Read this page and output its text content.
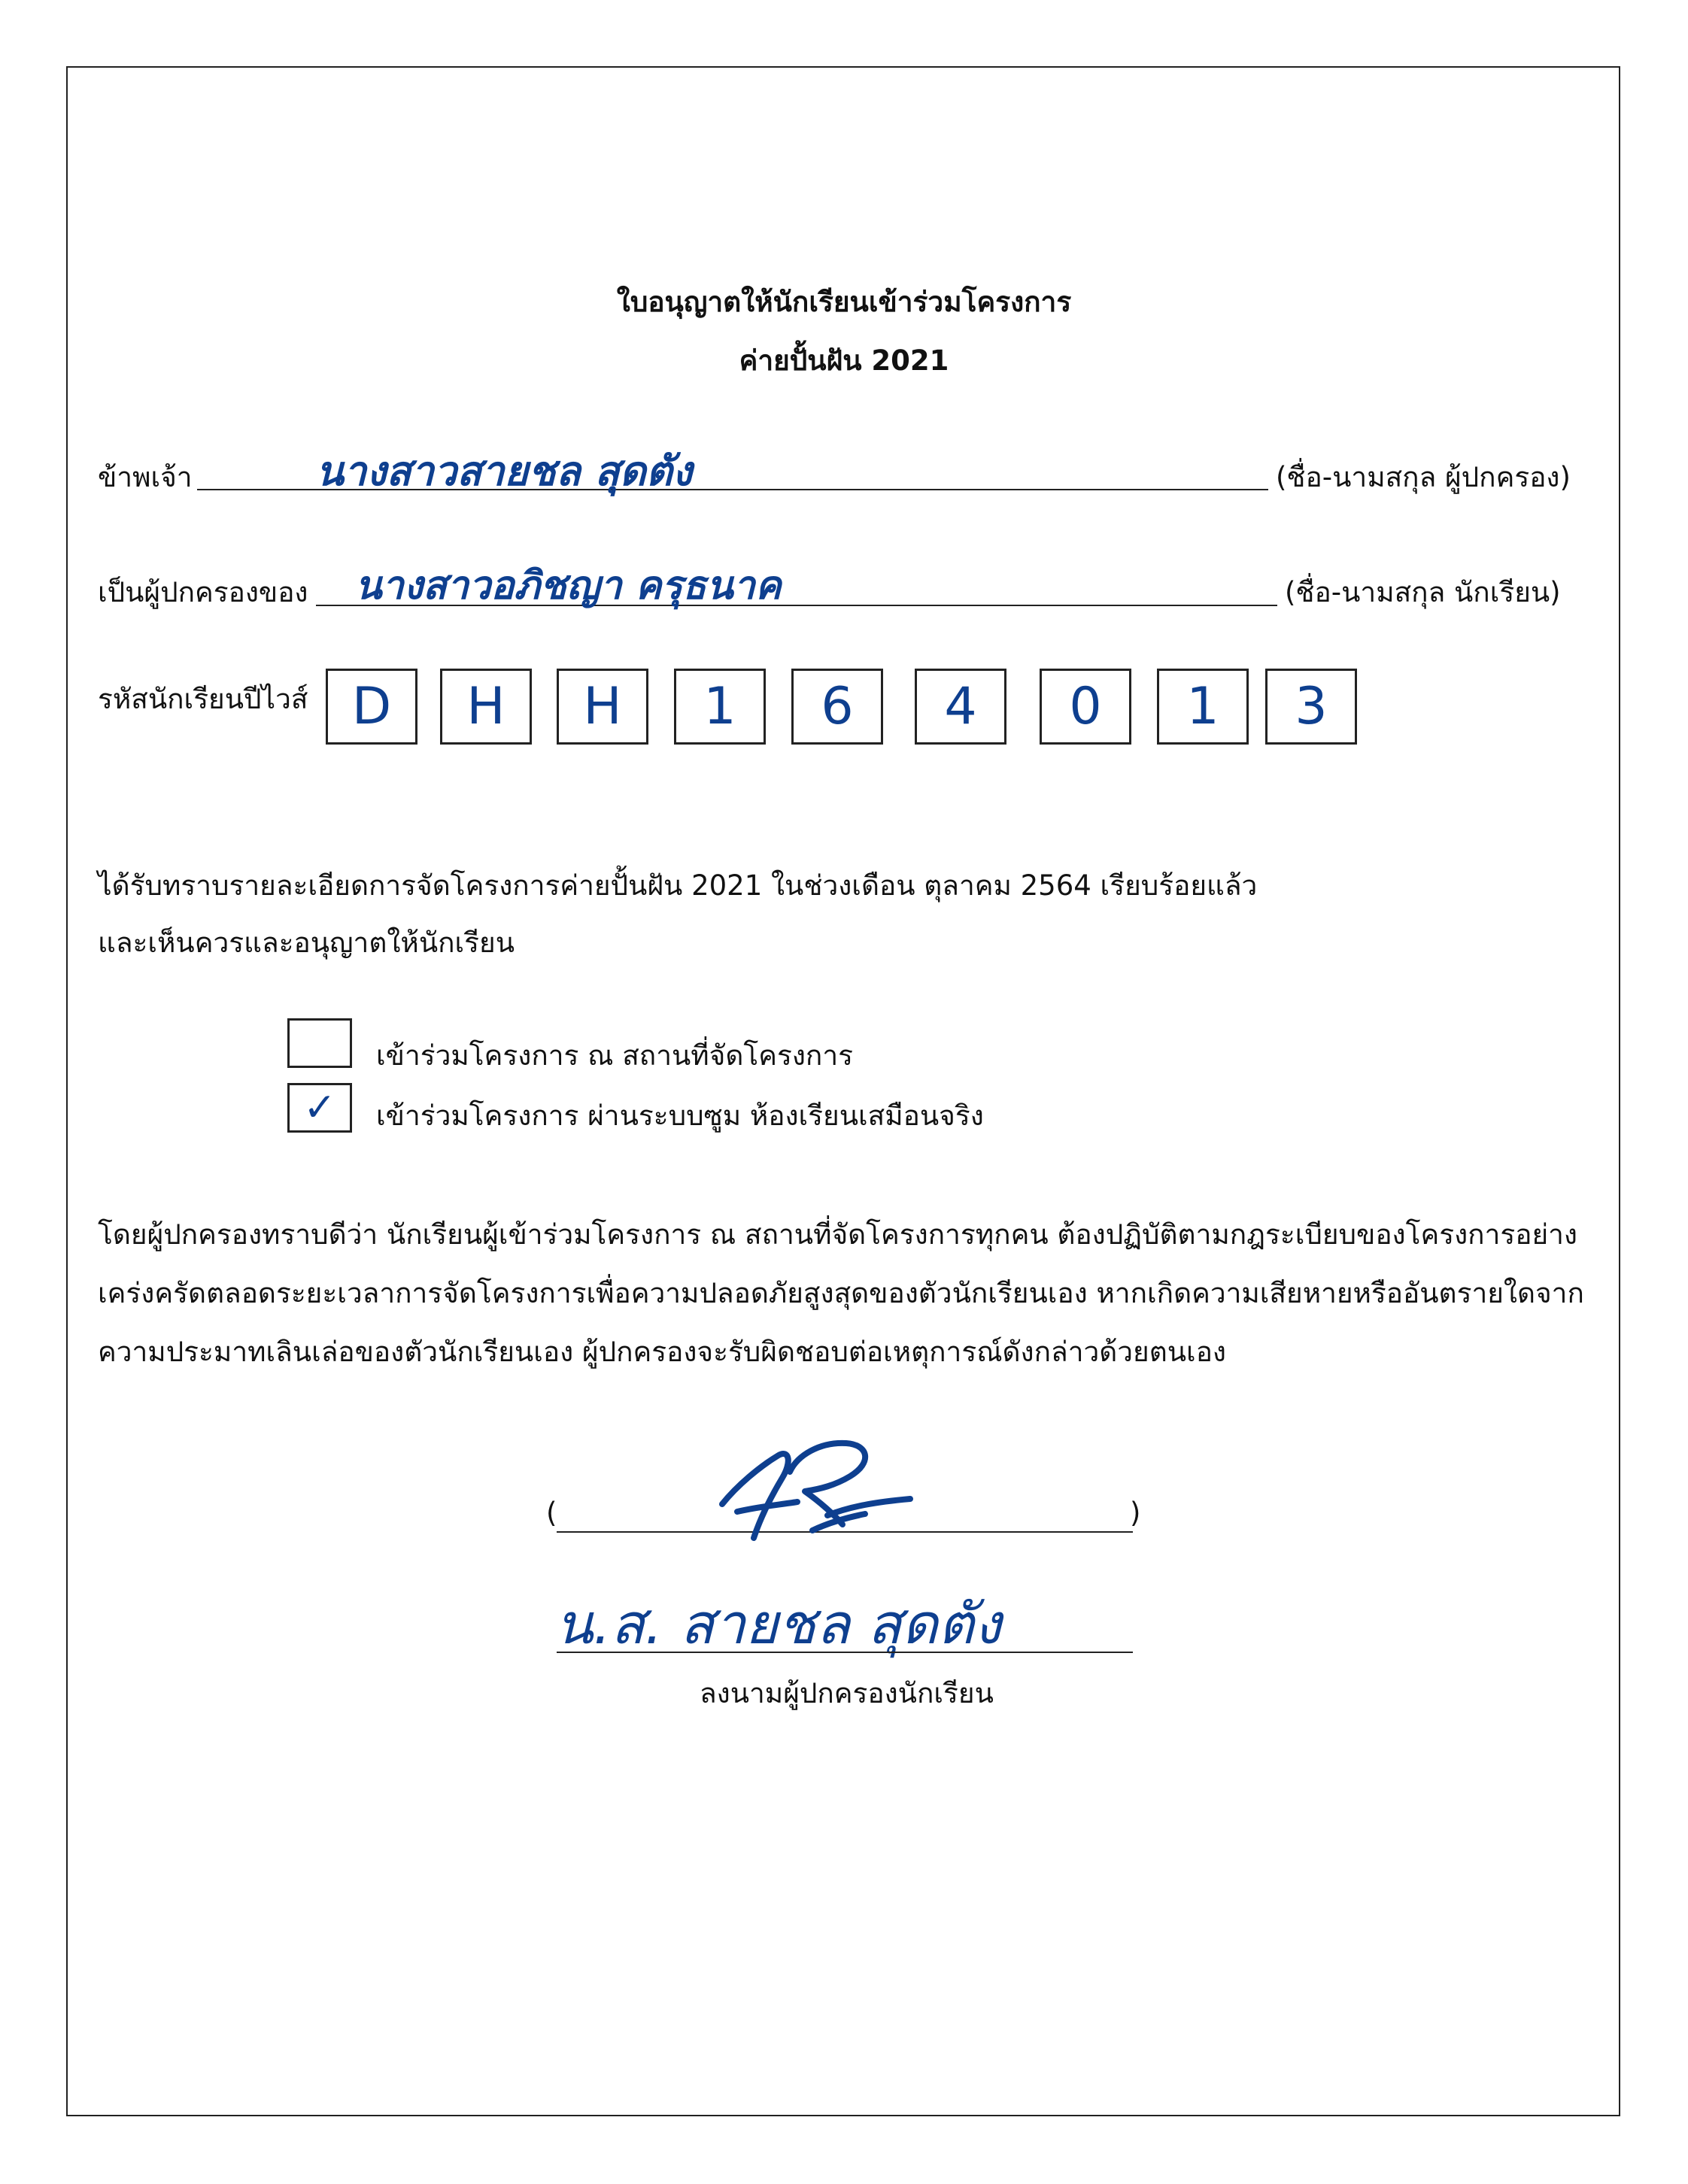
ใบอนุญาตให้นักเรียนเข้าร่วมโครงการ
ค่ายปั้นฝัน 2021
ข้าพเจ้า	นางสาวสายชล สุดตัง	(ชื่อ-นามสกุล ผู้ปกครอง)
เป็นผู้ปกครองของ นางสาวอภิชญา ครุธนาค	(ชื่อ-นามสกุล นักเรียน)
รหัสนักเรียนปีไวส์ D	H	H	1	6	4	0	1	3
ได้รับทราบรายละเอียดการจัดโครงการค่ายปั้นฝัน 2021 ในช่วงเดือน ตุลาคม 2564 เรียบร้อยแล้ว
และเห็นควรและอนุญาตให้นักเรียน
เข้าร่วมโครงการ ณ สถานที่จัดโครงการ
✓	เข้าร่วมโครงการ ผ่านระบบซูม ห้องเรียนเสมือนจริง
โดยผู้ปกครองทราบดีว่า นักเรียนผู้เข้าร่วมโครงการ ณ สถานที่จัดโครงการทุกคน ต้องปฏิบัติตามกฎระเบียบของโครงการอย่าง
เคร่งครัดตลอดระยะเวลาการจัดโครงการเพื่อความปลอดภัยสูงสุดของตัวนักเรียนเอง หากเกิดความเสียหายหรืออันตรายใดจาก
ความประมาทเลินเล่อของตัวนักเรียนเอง ผู้ปกครองจะรับผิดชอบต่อเหตุการณ์ดังกล่าวด้วยตนเอง
(	)
น.ส. สายชล สุดตัง
ลงนามผู้ปกครองนักเรียน
